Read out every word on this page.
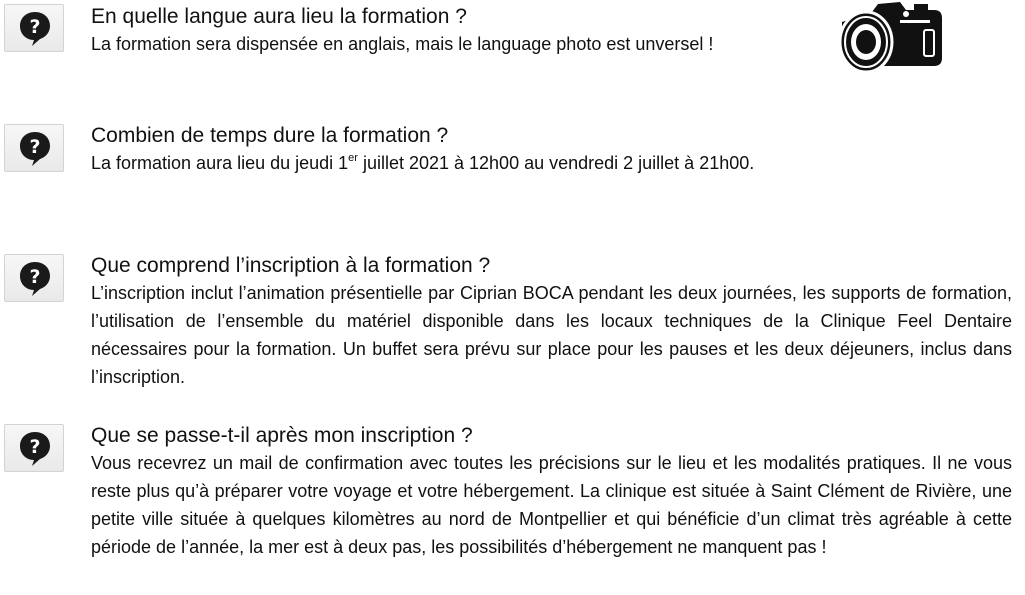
? En quelle langue aura lieu la formation ?

La formation sera dispensée en anglais, mais le language photo est unversel !

? Combien de temps dure la formation ?

La formation aura lieu du jeudi 1er juillet 2021 à 12h00 au vendredi 2 juillet à 21h00.

? Que comprend l’inscription à la formation ?

L’inscription inclut l’animation présentielle par Ciprian BOCA pendant les deux journées, les supports de formation, l’utilisation de l’ensemble du matériel disponible dans les locaux techniques de la Clinique Feel Dentaire nécessaires pour la formation. Un buffet sera prévu sur place pour les pauses et les deux déjeuners, inclus dans l’inscription.

? Que se passe-t-il après mon inscription ?

Vous recevrez un mail de confirmation avec toutes les précisions sur le lieu et les modalités pratiques. Il ne vous reste plus qu’à préparer votre voyage et votre hébergement. La clinique est située à Saint Clément de Rivière, une petite ville située à quelques kilomètres au nord de Montpellier et qui bénéficie d’un climat très agréable à cette période de l’année, la mer est à deux pas, les possibilités d’hébergement ne manquent pas !
